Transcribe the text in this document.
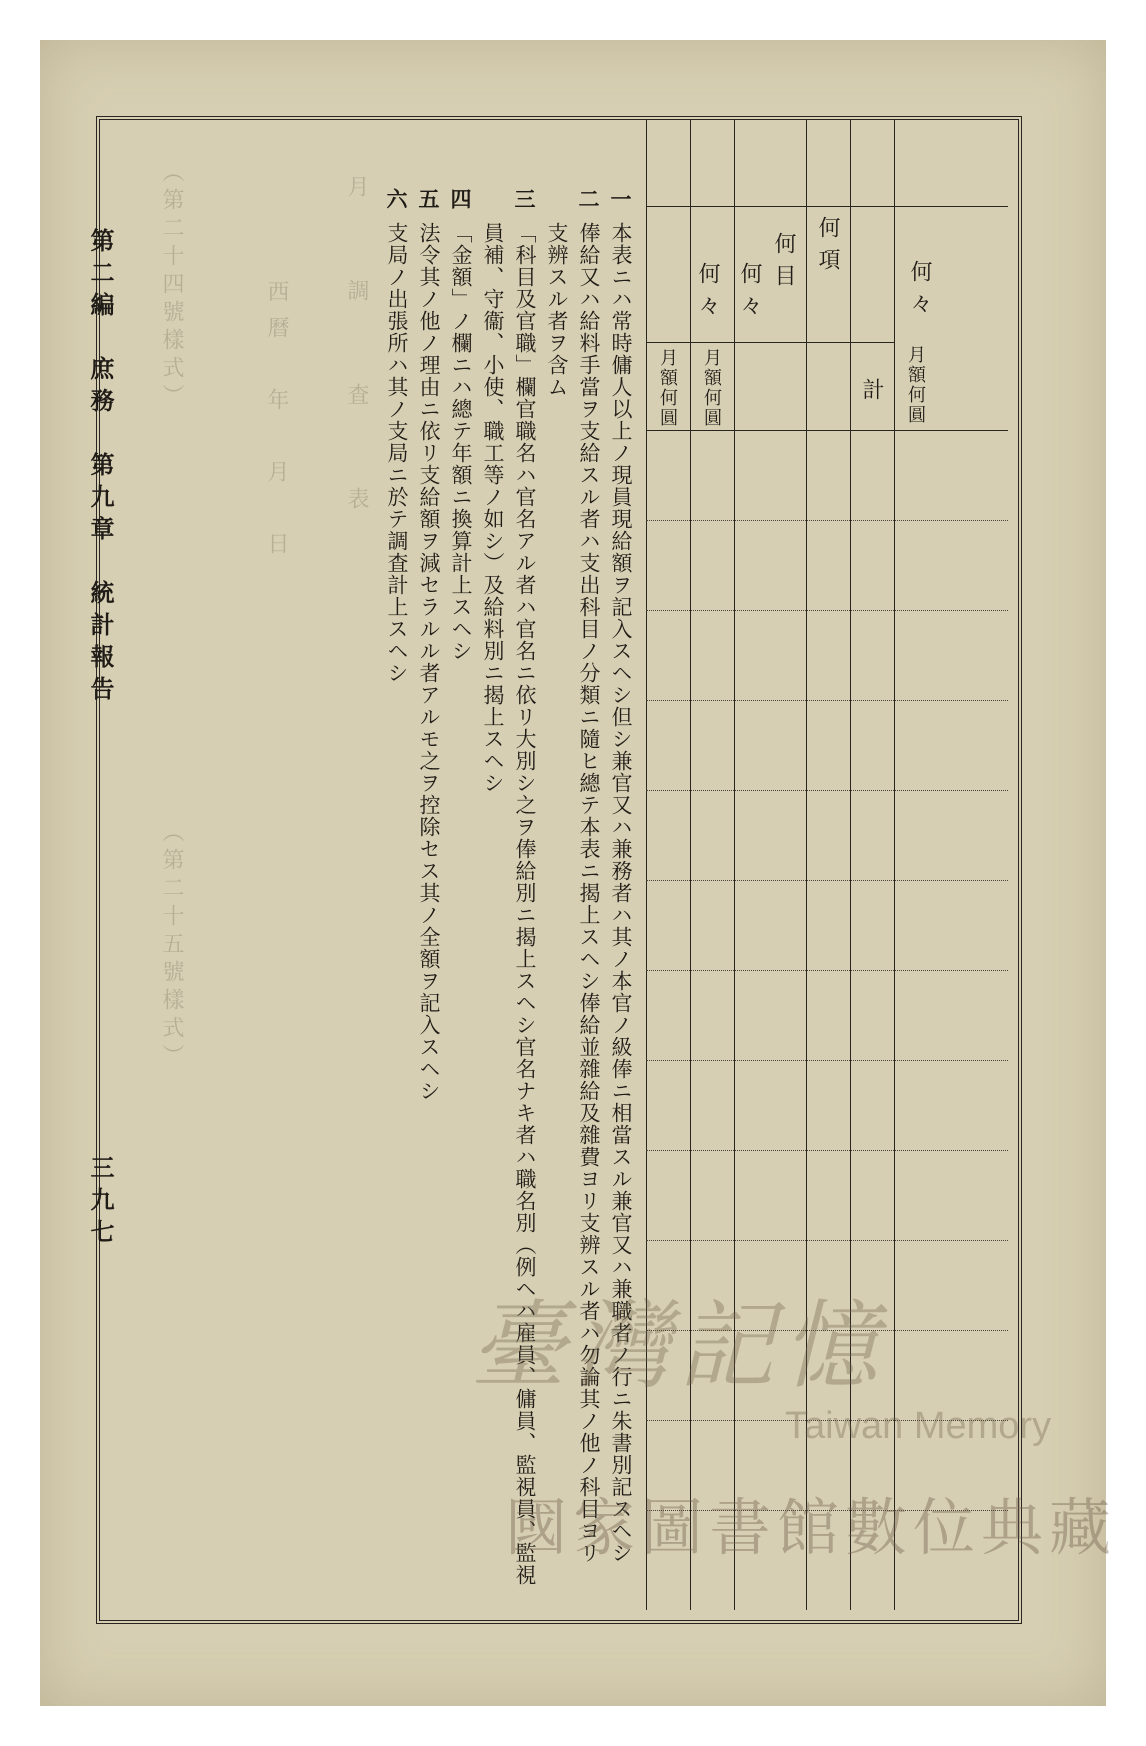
（第二十四號樣式）
（第二十五號樣式）
西曆　年　月　日	月　調　査　表	何々
月額何圓
何項
何目
何々
何々
計
月額何圓
月額何圓
一
本表ニハ常時傭人以上ノ現員現給額ヲ記入スヘシ但シ兼官又ハ兼務者ハ其ノ本官ノ級俸ニ相當スル兼官又ハ兼職者ノ行ニ朱書別記スヘシ
二
俸給又ハ給料手當ヲ支給スル者ハ支出科目ノ分類ニ隨ヒ總テ本表ニ揭上スヘシ俸給並雜給及雜費ヨリ支辨スル者ハ勿論其ノ他ノ科目ヨリ
支辨スル者ヲ含ム
三
「科目及官職」欄官職名ハ官名アル者ハ官名ニ依リ大別シ之ヲ俸給別ニ揭上スヘシ官名ナキ者ハ職名別（例ヘハ雇員、傭員、監視員、監視
員補、守衞、小使、職工等ノ如シ）及給料別ニ揭上スヘシ
四
「金額」ノ欄ニハ總テ年額ニ換算計上スヘシ
五
法令其ノ他ノ理由ニ依リ支給額ヲ減セラルル者アルモ之ヲ控除セス其ノ全額ヲ記入スヘシ
六
支局ノ出張所ハ其ノ支局ニ於テ調査計上スヘシ
第二編　庶務　第九章　統計報告
三九七
臺灣記憶
Taiwan Memory
國家圖書館數位典藏
